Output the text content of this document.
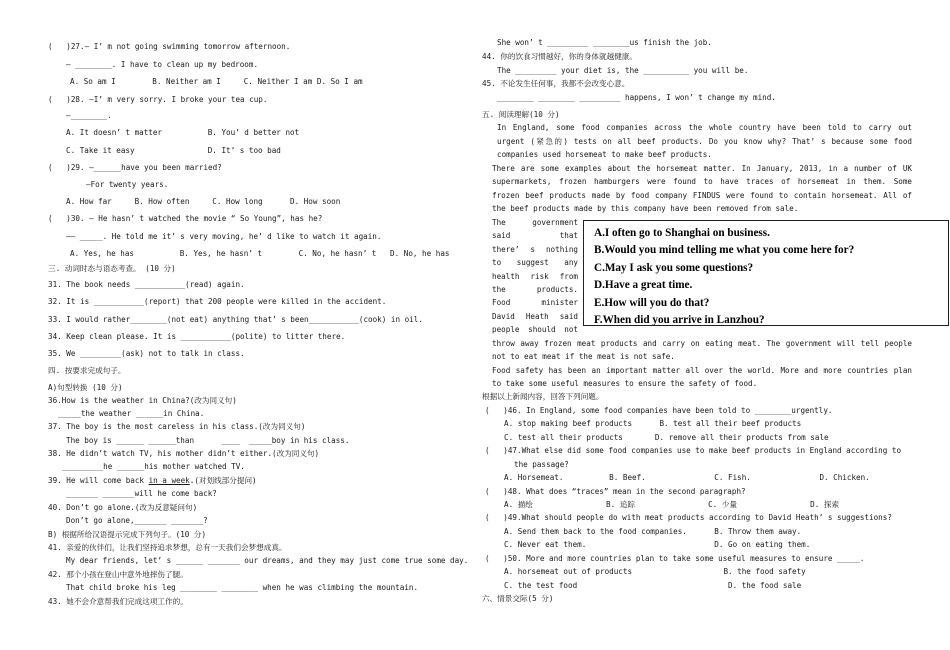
(   )27.— I’ m not going swimming tomorrow afternoon.
— ________. I have to clean up my bedroom.
A. So am I        B. Neither am I     C. Neither I am D. So I am
(   )28. —I’ m very sorry. I broke your tea cup.
—________.
A. It doesn’ t matter          B. You’ d better not
C. Take it easy                D. It’ s too bad
(   )29. —______have you been married?
—For twenty years.
A. How far     B. How often     C. How long      D. How soon
(   )30. — He hasn’ t watched the movie “ So Young”, has he?
—— _____. He told me it’ s very moving, he’ d like to watch it again.
A. Yes, he has          B. Yes, he hasn’ t        C. No, he hasn’ t   D. No, he has
三. 动词时态与语态考查。 (10 分)
31. The book needs ___________(read) again.
32. It is ___________(report) that 200 people were killed in the accident.
33. I would rather________(not eat) anything that’ s been___________(cook) in oil.
34. Keep clean please. It is ___________(polite) to litter there.
35. We _________(ask) not to talk in class.
四. 按要求完成句子。
A)句型转换 (10 分)
36.How is the weather in China?(改为同义句)
_____the weather ______in China.
37. The boy is the most careless in his class.(改为同义句)
The boy is ______ ______than      ____  _____boy in his class.
38. He didn’t watch TV, his mother didn’t either.(改为同义句)
_________he ______his mother watched TV.
39. He will come back in a week.(对划线部分提问)
_______ _______will he come back?
40. Don’t go alone.(改为反意疑问句)
Don’t go alone,_______ _______?
B) 根据所给汉语提示完成下列句子。(10 分)
41. 亲爱的伙伴们，让我们坚持追求梦想，总有一天我们会梦想成真。
My dear friends, let’ s ______ _______ our dreams, and they may just come true some day.
42. 那个小孩在登山中意外地摔伤了腿。
That child broke his leg ________ ________ when he was climbing the mountain.
43. 她不会介意帮我们完成这项工作的。
She won’ t _________ ________us finish the job.
44. 你的饮食习惯越好，你的身体就越健康。
The _________ your diet is, the __________ you will be.
45. 不论发生任何事，我都不会改变心意。
________ ________ _________ happens, I won’ t change my mind.
五. 阅读理解(10 分)
In England, some food companies across the whole country have been told to carry out
urgent (紧急的) tests on all beef products. Do you know why? That’ s because some food
companies used horsemeat to make beef products.
There are some examples about the horsemeat matter. In January, 2013, in a number of UK
supermarkets, frozen hamburgers were found to have traces of horsemeat in them. Some
frozen beef products made by food company FINDUS were found to contain horsemeat. All of
the beef products made by this company have been removed from sale.
The government
said that
there’ s nothing
to suggest any
health risk from
the products.
Food minister
David Heath said
people should not
throw away frozen meat products and carry on eating meat. The government will tell people
not to eat meat if the meat is not safe.
Food safety has been an important matter all over the world. More and more countries plan
to take some useful measures to ensure the safety of food.
根据以上新闻内容，回答下列问题。
(   )46. In England, some food companies have been told to ________urgently.
A. stop making beef products      B. test all their beef products
C. test all their products       D. remove all their products from sale
(   )47.What else did some food companies use to make beef products in England according to
the passage?
A. Horsemeat.          B. Beef.               C. Fish.               D. Chicken.
(   )48. What does “traces” mean in the second paragraph?
A. 描绘                B. 追踪                C. 少量                D. 探索
(   )49.What should people do with meat products according to David Heath’ s suggestions?
A. Send them back to the food companies.      B. Throw them away.
C. Never eat them.                            D. Go on eating them.
(   )50. More and more countries plan to take some useful measures to ensure _____.
A. horsemeat out of products                    B. the food safety
C. the test food                                 D. the food sale
六、情景交际(5 分)
A.I often go to Shanghai on business.
B.Would you mind telling me what you come here for?
C.May I ask you some questions?
D.Have a great time.
E.How will you do that?
F.When did you arrive in Lanzhou?
